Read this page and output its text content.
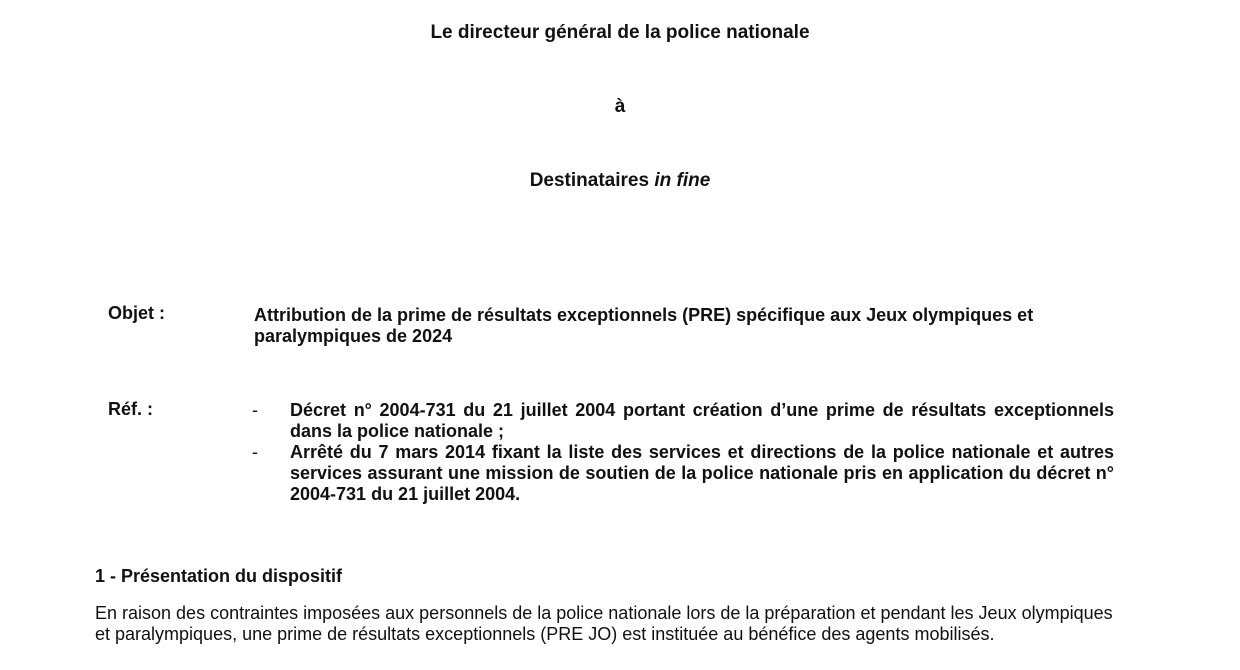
Le directeur général de la police nationale
à
Destinataires in fine
Objet :	Attribution de la prime de résultats exceptionnels (PRE) spécifique aux Jeux olympiques et paralympiques de 2024
Réf. :	- Décret n° 2004-731 du 21 juillet 2004 portant création d’une prime de résultats exceptionnels dans la police nationale ;
- Arrêté du 7 mars 2014 fixant la liste des services et directions de la police nationale et autres services assurant une mission de soutien de la police nationale pris en application du décret n° 2004-731 du 21 juillet 2004.
1 - Présentation du dispositif
En raison des contraintes imposées aux personnels de la police nationale lors de la préparation et pendant les Jeux olympiques et paralympiques, une prime de résultats exceptionnels (PRE JO) est instituée au bénéfice des agents mobilisés.
